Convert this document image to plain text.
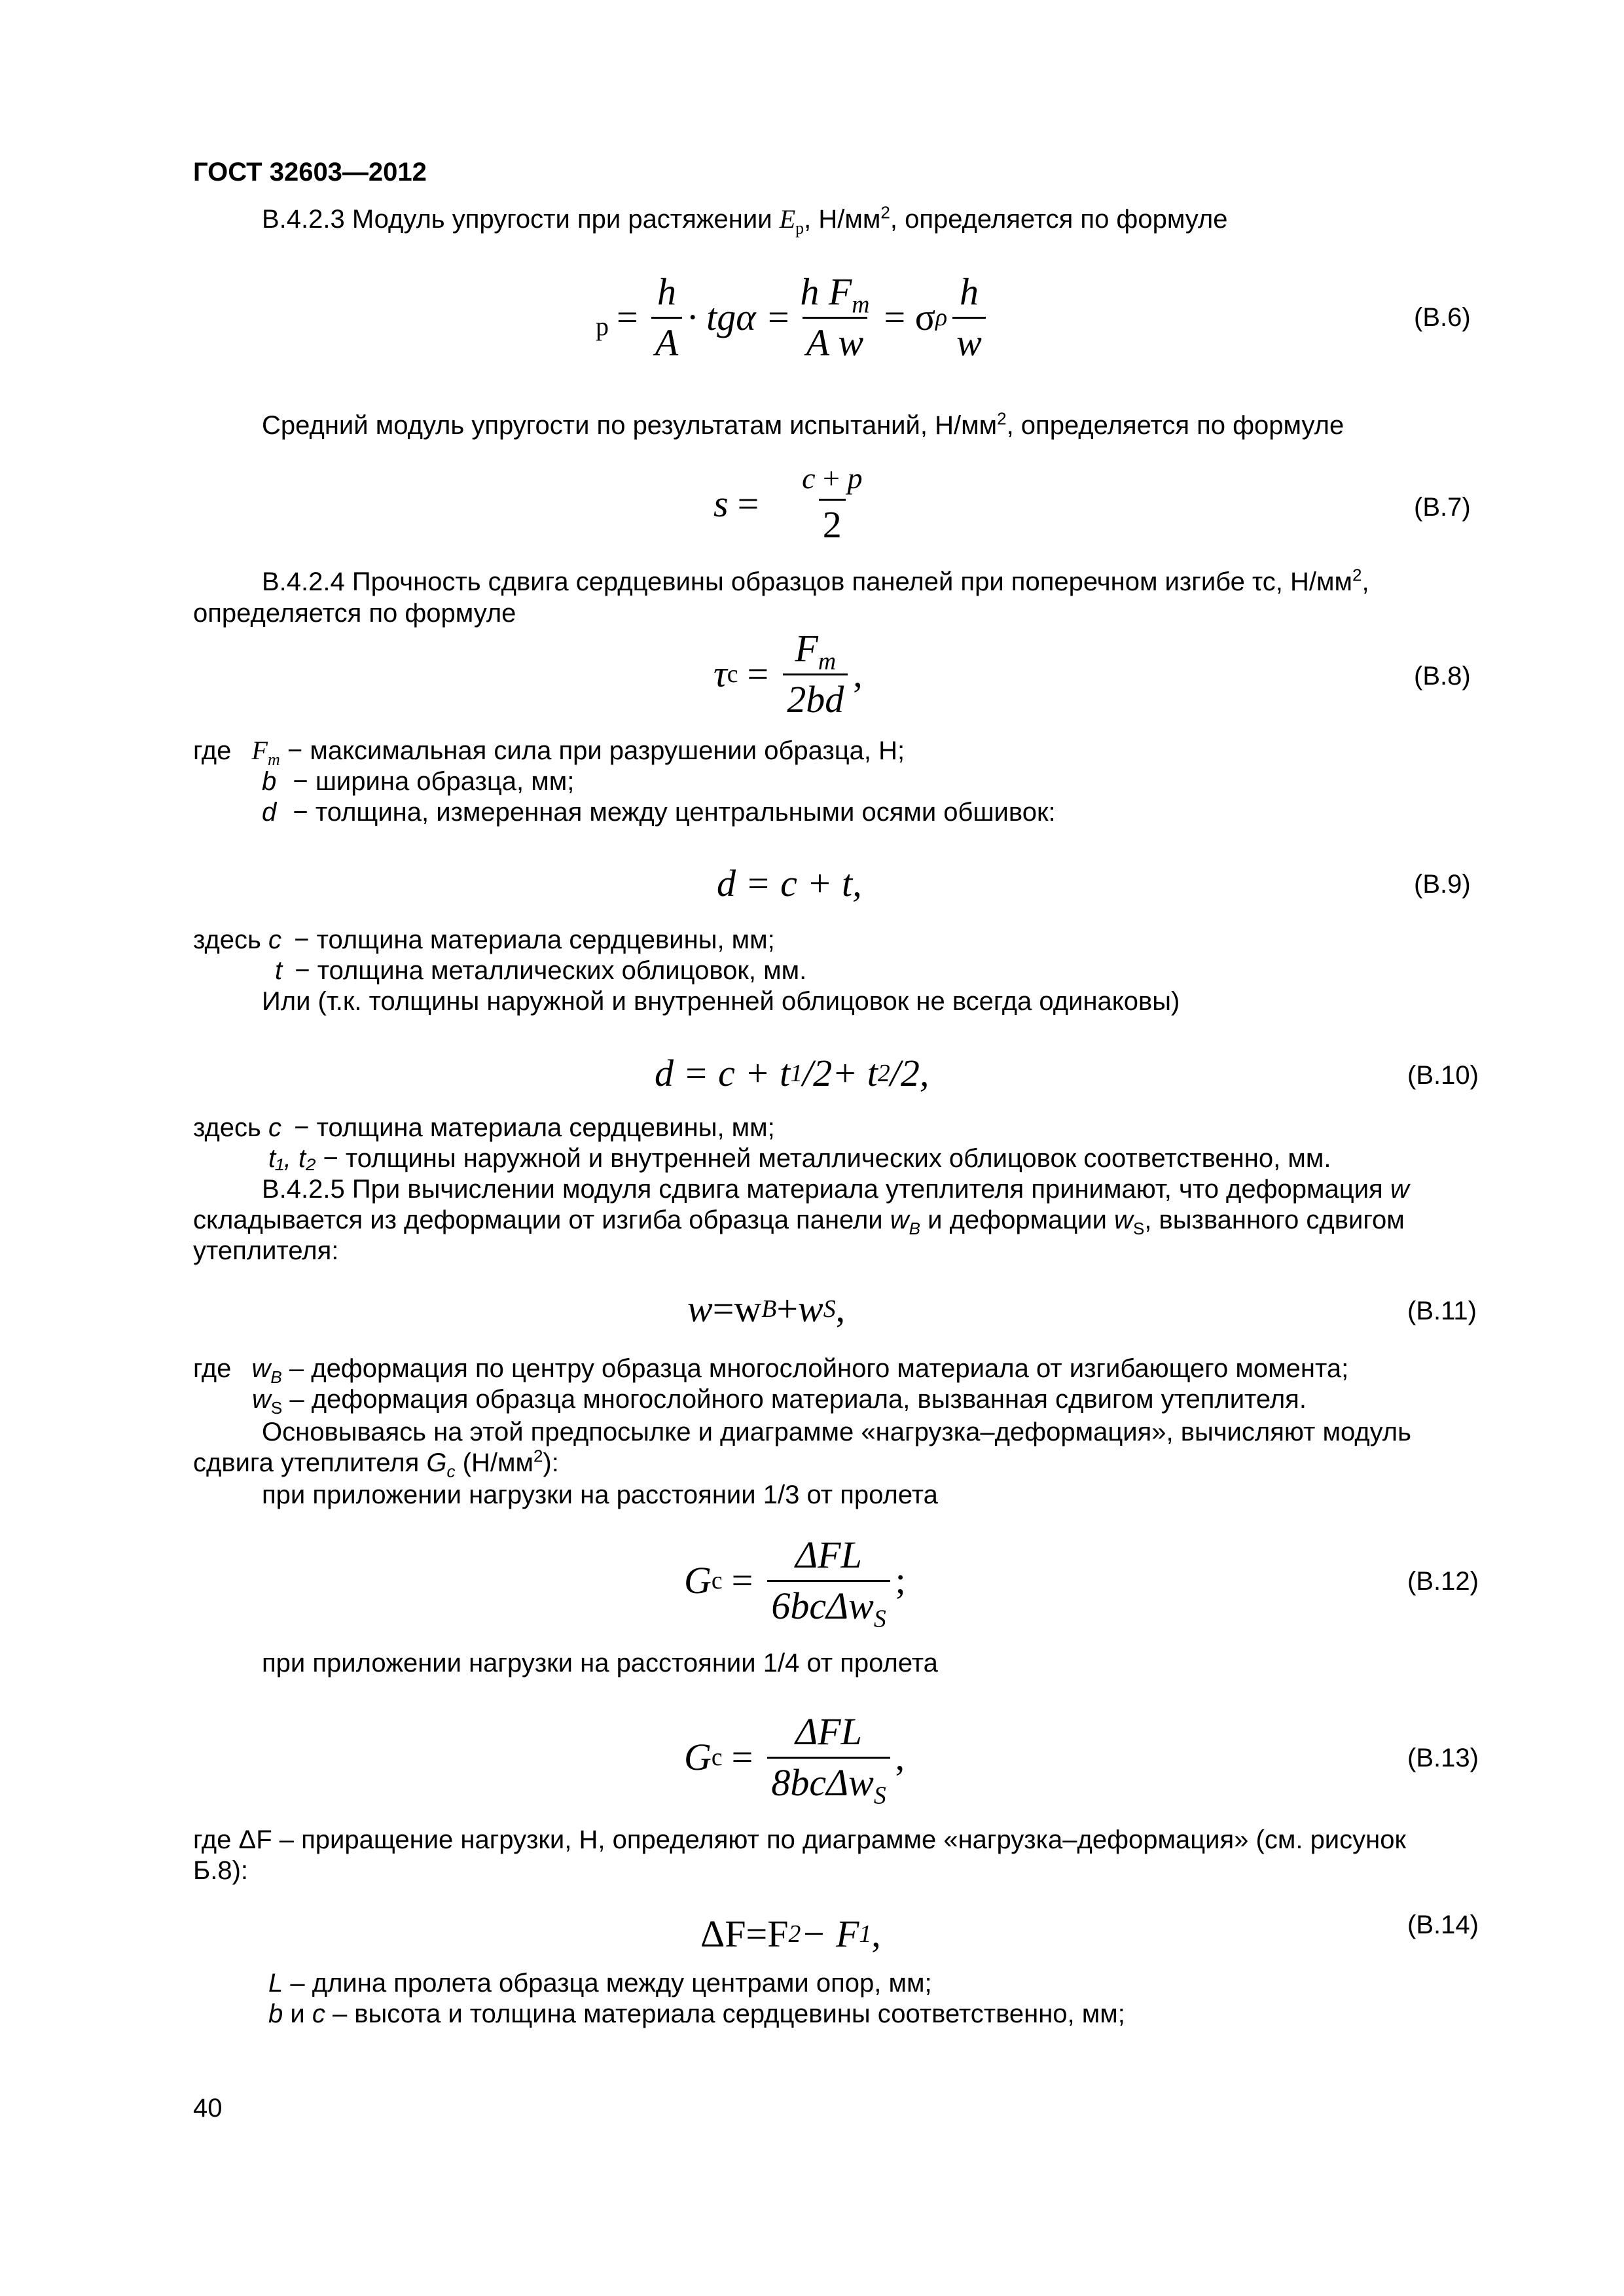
ГОСТ 32603—2012
В.4.2.3 Модуль упругости при растяжении $E_p$, $Н/мм^2$, определяется по формуле
$p = \frac{h}{A} \cdot tg\alpha = \frac{h F_m}{\text{A w}} = \sigma$ ρ $\frac{h}{w}$	(В.6)
Средний модуль упругости по результатам испытаний, $Н/мм^2$, определяется по формуле
$s = \frac{c + p}{2}$	(В.7)
В.4.2.4 Прочность сдвига сердцевины образцов панелей при поперечном изгибе τс, $Н/мм^2$,
определяется по формуле
τ $c = \frac{F_m}{2bd}$ ,	(В.8)
где $F_m$ − максимальная сила при разрушении образца, Н;
b − ширина образца, мм;
d − толщина, измеренная между центральными осями обшивок:
d = c + t,	(В.9)
здесь c − толщина материала сердцевины, мм;
t − толщина металлических облицовок, мм.
Или (т.к. толщины наружной и внутренней облицовок не всегда одинаковы)
d = c + t 1 /2+ t 2 /2,	(В.10)
здесь c − толщина материала сердцевины, мм;
t₁, t₂ − толщины наружной и внутренней металлических облицовок соответственно, мм.
В.4.2.5 При вычислении модуля сдвига материала утеплителя принимают, что деформация w
складывается из деформации от изгиба образца панели $w_B$ и деформации $w_S$, вызванного сдвигом
утеплителя:
w = w B + w S ,	(В.11)
где $w_B$ – деформация по центру образца многослойного материала от изгибающего момента;
$w_S$ – деформация образца многослойного материала, вызванная сдвигом утеплителя.
Основываясь на этой предпосылке и диаграмме «нагрузка–деформация», вычисляют модуль
сдвига утеплителя $G_c$ $(Н/мм^2)$:
при приложении нагрузки на расстоянии 1/3 от пролета
G $c = \frac{\text{ΔFL}}{6bc\Delta w_S}$ ;	(В.12)
при приложении нагрузки на расстоянии 1/4 от пролета
G $c = \frac{\text{ΔFL}}{8bc\Delta w_S}$ ,	(В.13)
где ΔF – приращение нагрузки, Н, определяют по диаграмме «нагрузка–деформация» (см. рисунок
Б.8):
ΔF=F 2 − F 1 ,	(В.14)
L – длина пролета образца между центрами опор, мм;
b и c – высота и толщина материала сердцевины соответственно, мм;
40
